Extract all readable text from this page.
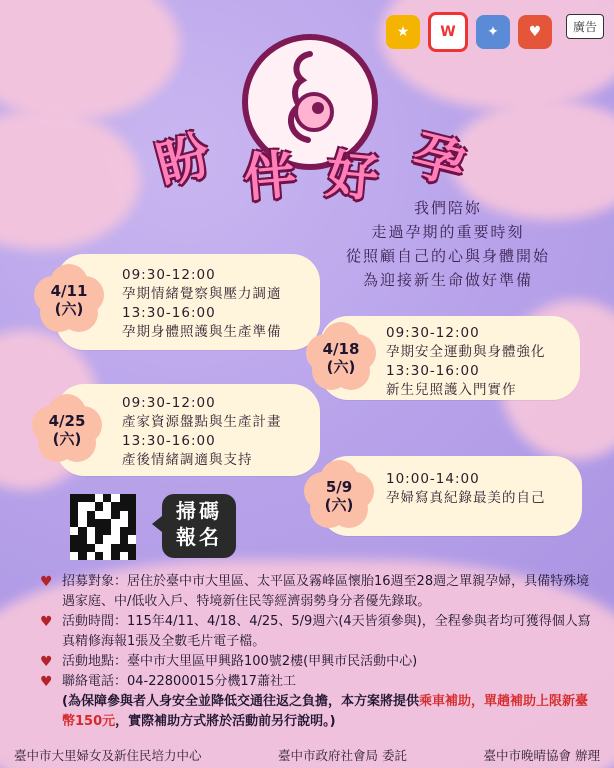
★	W	✦	♥	廣告
盼 伴 好 孕
我們陪妳
走過孕期的重要時刻
從照顧自己的心與身體開始
為迎接新生命做好準備
09:30-12:00
孕期情緒覺察與壓力調適
13:30-16:00
孕期身體照護與生產準備
4/11
(六)
09:30-12:00
孕期安全運動與身體強化
13:30-16:00
新生兒照護入門實作
4/18
(六)
09:30-12:00
產家資源盤點與生產計畫
13:30-16:00
產後情緒調適與支持
4/25
(六)
10:00-14:00
孕婦寫真紀錄最美的自己
5/9
(六)
掃碼
報名
♥ 招募對象：居住於臺中市大里區、太平區及霧峰區懷胎16週至28週之單親孕婦，具備特殊境遇家庭、中/低收入戶、特境新住民等經濟弱勢身分者優先錄取。
♥ 活動時間：115年4/11、4/18、4/25、5/9週六(4天皆須參與)，全程參與者均可獲得個人寫真精修海報1張及全數毛片電子檔。
♥ 活動地點：臺中市大里區甲興路100號2樓(甲興市民活動中心)
♥ 聯絡電話：04-22800015分機17蕭社工
(為保障參與者人身安全並降低交通往返之負擔，本方案將提供乘車補助，單趟補助上限新臺幣150元，實際補助方式將於活動前另行說明。)
臺中市大里婦女及新住民培力中心	臺中市政府社會局 委託	臺中市晚晴協會 辦理
